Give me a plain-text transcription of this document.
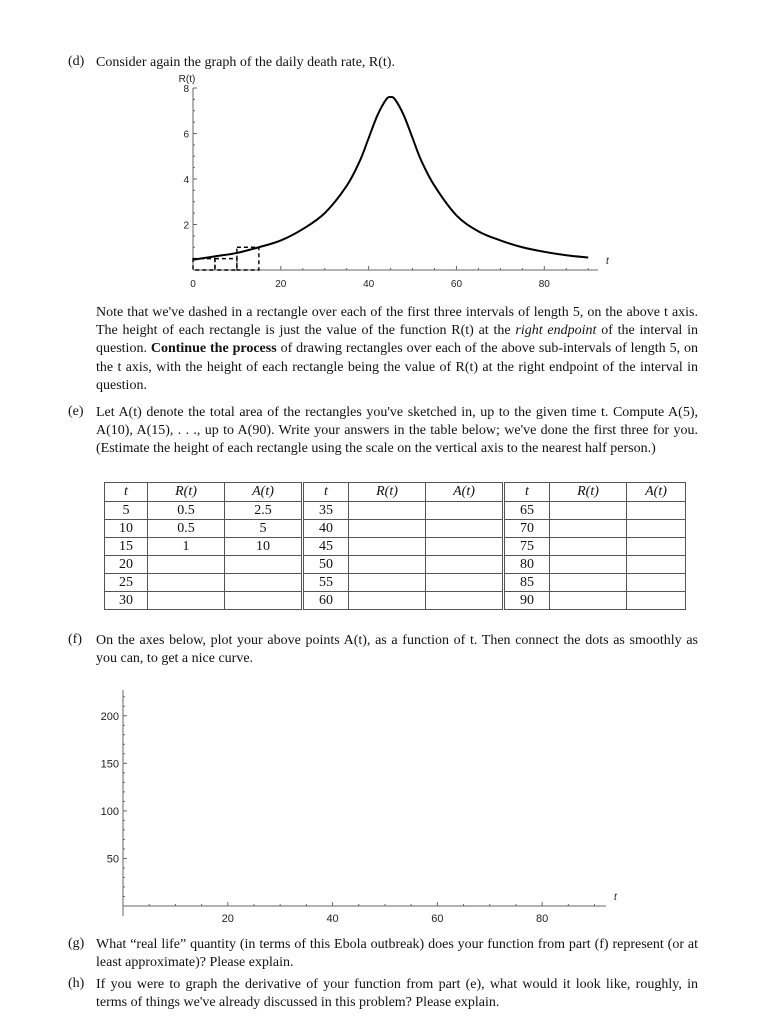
(d) Consider again the graph of the daily death rate, R(t).
0	20	40	60	80
2
4
6
8
t
R(t)
Note that we've dashed in a rectangle over each of the first three intervals of length 5, on the above t axis. The height of each rectangle is just the value of the function R(t) at the right endpoint of the interval in question. Continue the process of drawing rectangles over each of the above sub-intervals of length 5, on the t axis, with the height of each rectangle being the value of R(t) at the right endpoint of the interval in question.
(e) Let A(t) denote the total area of the rectangles you've sketched in, up to the given time t. Compute A(5), A(10), A(15), . . ., up to A(90). Write your answers in the table below; we've done the first three for you. (Estimate the height of each rectangle using the scale on the vertical axis to the nearest half person.)
t	R(t)	A(t)	t	R(t)	A(t)	t	R(t)	A(t)
5	0.5	2.5	35			65		
10	0.5	5	40			70		
15	1	10	45			75		
20			50			80		
25			55			85		
30			60			90		
(f) On the axes below, plot your above points A(t), as a function of t. Then connect the dots as smoothly as you can, to get a nice curve.
20	40	60	80
50
100
150
200
t
(g) What “real life” quantity (in terms of this Ebola outbreak) does your function from part (f) represent (or at least approximate)? Please explain.
(h) If you were to graph the derivative of your function from part (e), what would it look like, roughly, in terms of things we've already discussed in this problem? Please explain.
